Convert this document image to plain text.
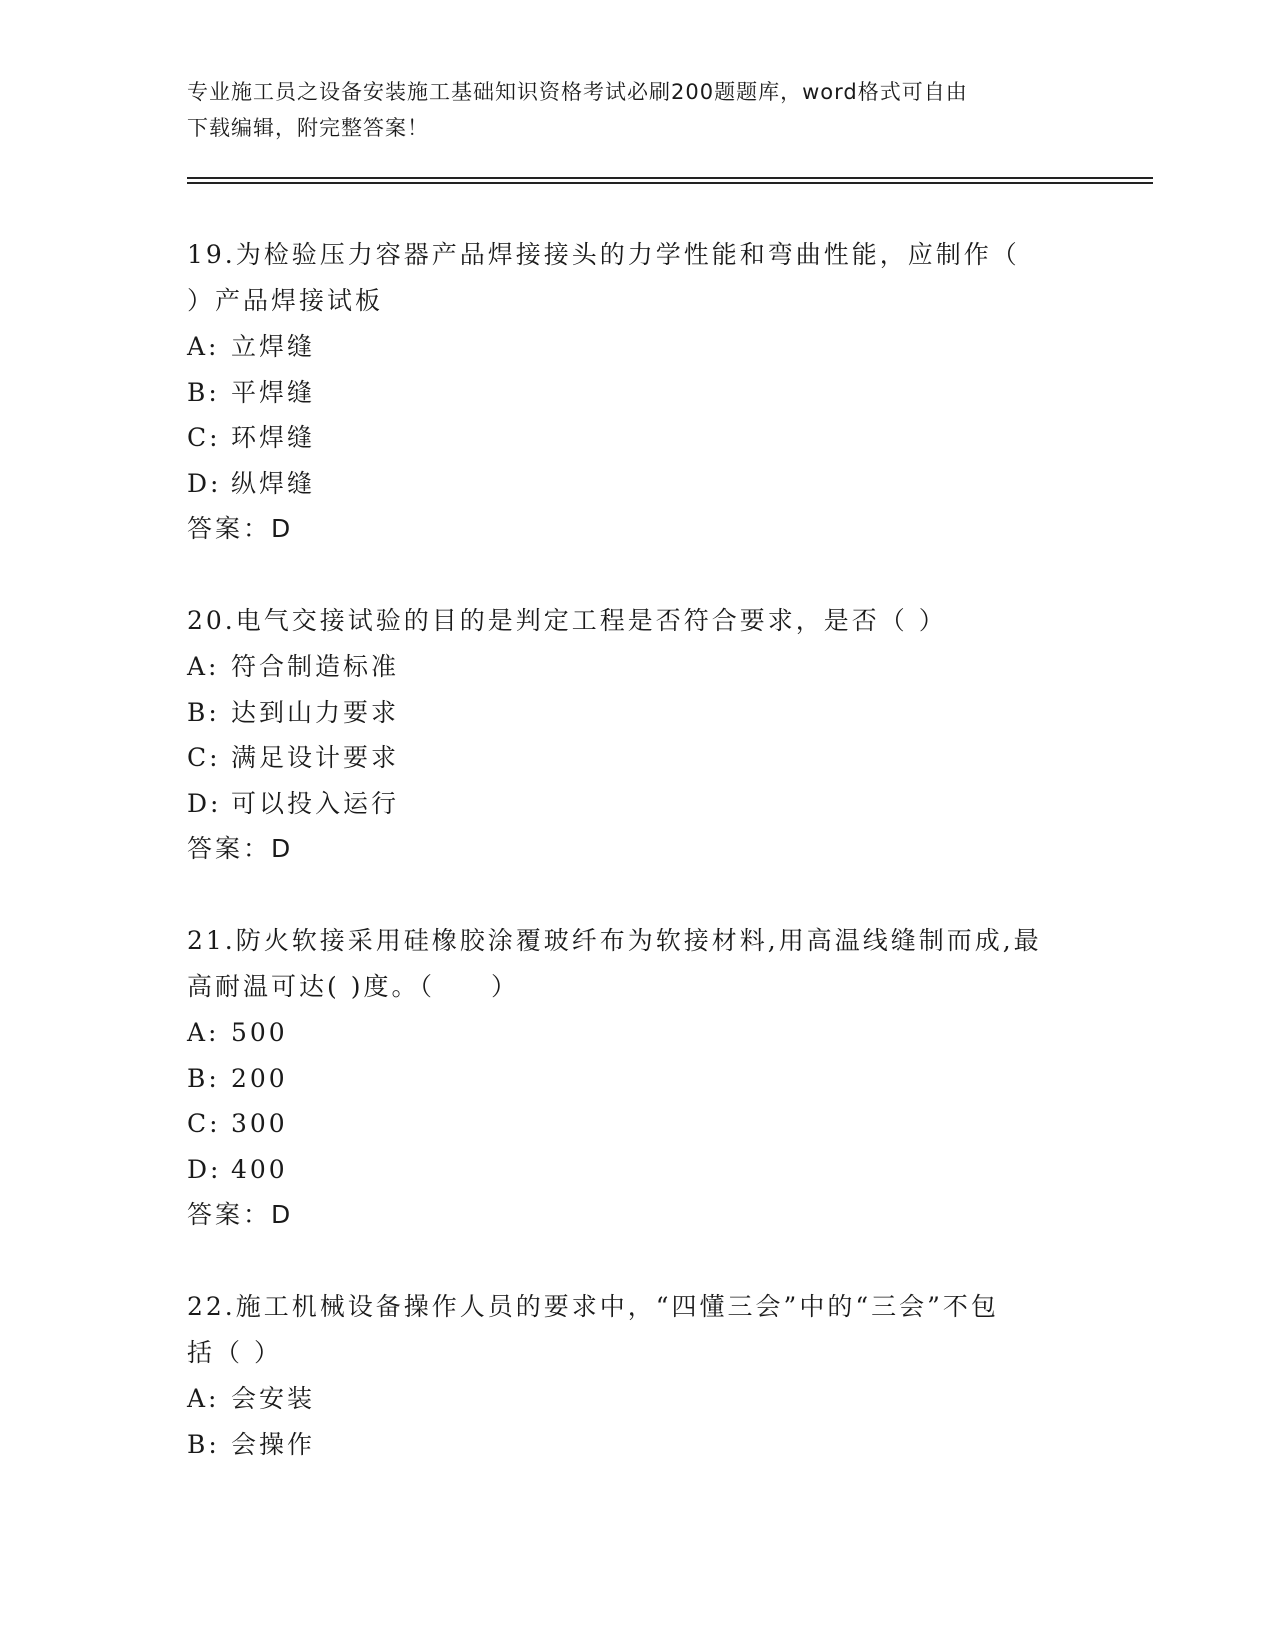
专业施工员之设备安装施工基础知识资格考试必刷200题题库，word格式可自由
下载编辑，附完整答案！

19.为检验压力容器产品焊接接头的力学性能和弯曲性能，应制作（

）产品焊接试板

A: 立焊缝

B: 平焊缝

C: 环焊缝

D: 纵焊缝

答案：D

20.电气交接试验的目的是判定工程是否符合要求，是否（ ）

A: 符合制造标准

B: 达到山力要求

C: 满足设计要求

D: 可以投入运行

答案：D

21.防火软接采用硅橡胶涂覆玻纤布为软接材料,用高温线缝制而成,最

高耐温可达( )度。（　　）

A: 500

B: 200

C: 300

D: 400

答案：D

22.施工机械设备操作人员的要求中，“四懂三会”中的“三会”不包

括（ ）

A: 会安装

B: 会操作
